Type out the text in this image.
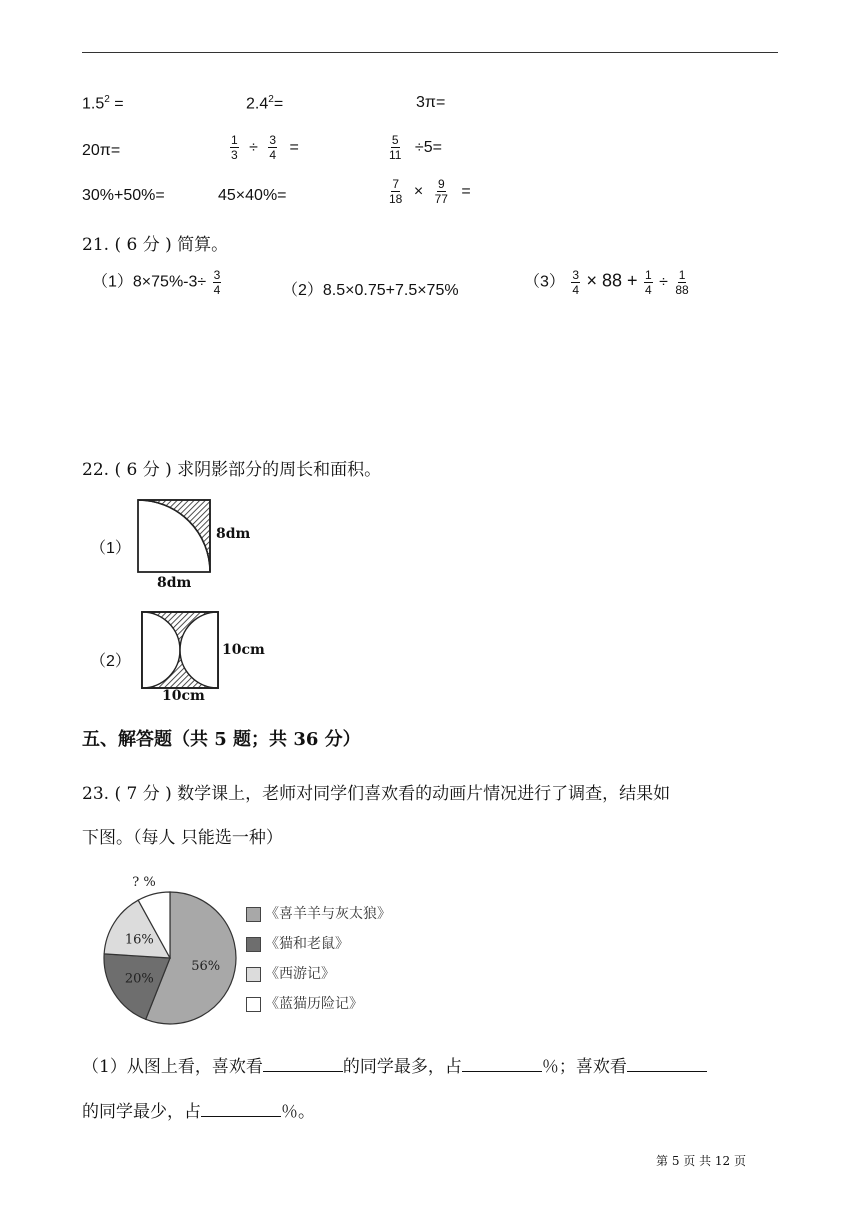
$1.5^2$ =	$2.4^2=$	3π=
20π=	$\frac{1}{3} \div \frac{3}{4}$ =	$\frac{5}{11} \div 5=$
30%+50%=	45×40%=	$\frac{7}{18} \times \frac{9}{77}$ =
21. ( 6 分 ) 简算。
$(1)8\times 75\%-3\div \frac{3}{4}$	（2）8.5×0.75+7.5×75%	$(3) \frac{3}{4} \times 88 + \frac{1}{4} \div \frac{1}{88}$
22. ( 6 分 ) 求阴影部分的周长和面积。
（1）
8dm
8dm
（2）
10cm
10cm
五、解答题（共 5 题；共 36 分）
23. ( 7 分 ) 数学课上，老师对同学们喜欢看的动画片情况进行了调查，结果如
下图。（每人 只能选一种）
56%
20%
16%
? %
《喜羊羊与灰太狼》
《猫和老鼠》
《西游记》
《蓝猫历险记》
（1）从图上看，喜欢看	的同学最多，占	％；喜欢看
的同学最少，占	％。
第 5 页 共 12 页
